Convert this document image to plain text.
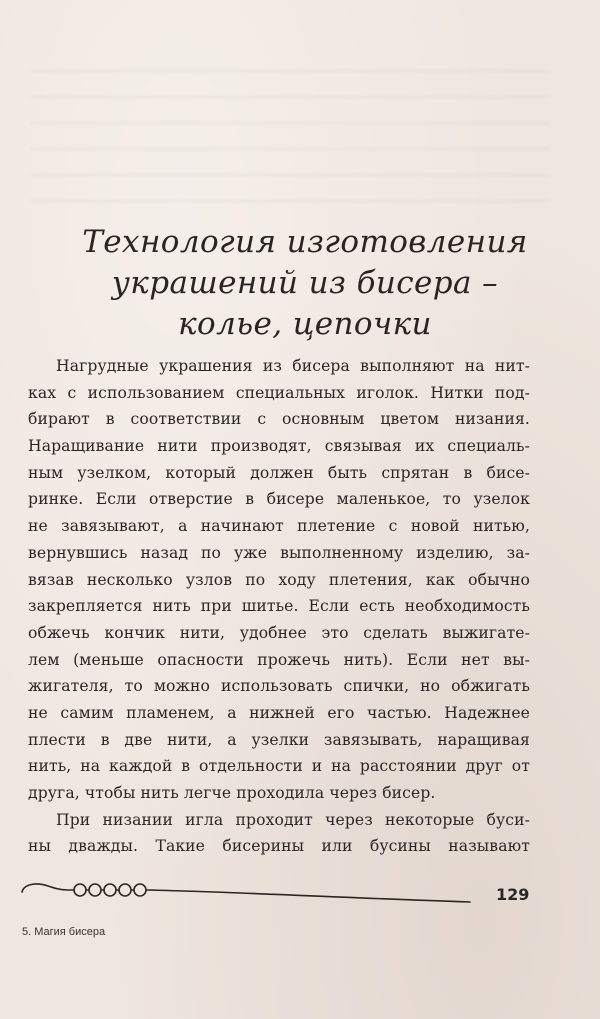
Технология изготовления
украшений из бисера –
колье, цепочки
Нагрудные украшения из бисера выполняют на нит-
ках с использованием специальных иголок. Нитки под-
бирают в соответствии с основным цветом низания.
Наращивание нити производят, связывая их специаль-
ным узелком, который должен быть спрятан в бисе-
ринке. Если отверстие в бисере маленькое, то узелок
не завязывают, а начинают плетение с новой нитью,
вернувшись назад по уже выполненному изделию, за-
вязав несколько узлов по ходу плетения, как обычно
закрепляется нить при шитье. Если есть необходимость
обжечь кончик нити, удобнее это сделать выжигате-
лем (меньше опасности прожечь нить). Если нет вы-
жигателя, то можно использовать спички, но обжигать
не самим пламенем, а нижней его частью. Надежнее
плести в две нити, а узелки завязывать, наращивая
нить, на каждой в отдельности и на расстоянии друг от
друга, чтобы нить легче проходила через бисер.
При низании игла проходит через некоторые буси-
ны дважды. Такие бисерины или бусины называют

129

5. Магия бисера
